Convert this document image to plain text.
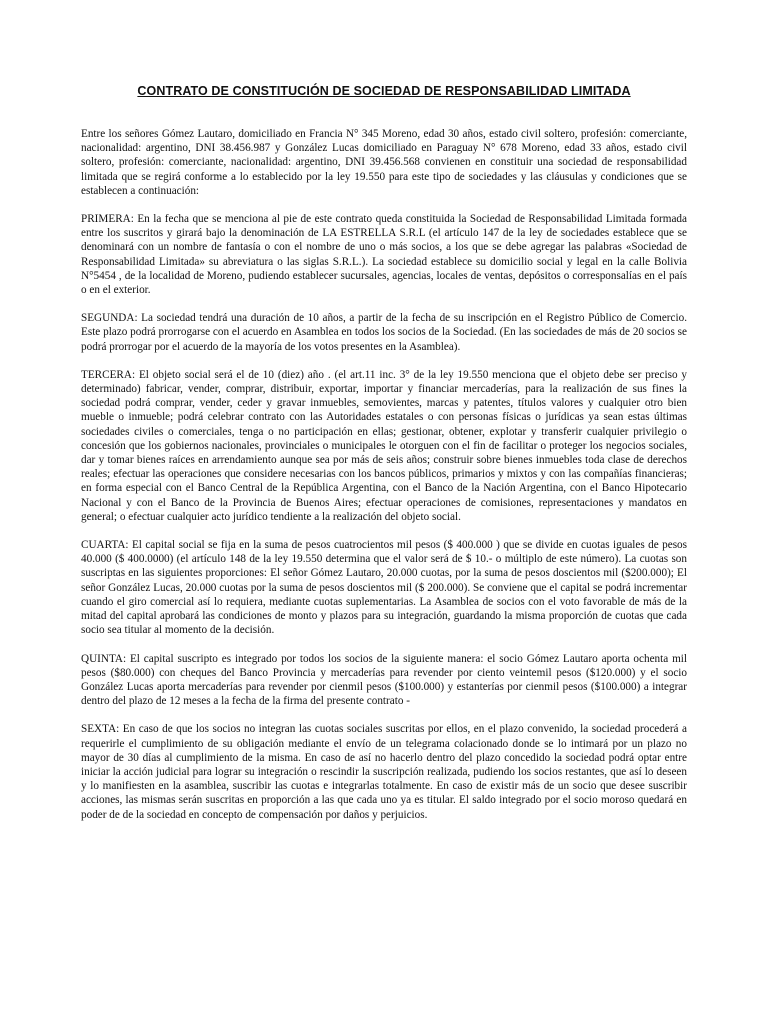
CONTRATO DE CONSTITUCIÓN DE SOCIEDAD DE RESPONSABILIDAD LIMITADA

Entre los señores Gómez Lautaro, domiciliado en Francia N° 345 Moreno, edad 30 años, estado civil soltero, profesión: comerciante, nacionalidad: argentino, DNI 38.456.987 y González Lucas domiciliado en Paraguay N° 678 Moreno, edad 33 años, estado civil soltero, profesión: comerciante, nacionalidad: argentino, DNI 39.456.568 convienen en constituir una sociedad de responsabilidad limitada que se regirá conforme a lo establecido por la ley 19.550 para este tipo de sociedades y las cláusulas y condiciones que se establecen a continuación:

PRIMERA: En la fecha que se menciona al pie de este contrato queda constituida la Sociedad de Responsabilidad Limitada formada entre los suscritos y girará bajo la denominación de LA ESTRELLA S.R.L (el artículo 147 de la ley de sociedades establece que se denominará con un nombre de fantasía o con el nombre de uno o más socios, a los que se debe agregar las palabras «Sociedad de Responsabilidad Limitada» su abreviatura o las siglas S.R.L.). La sociedad establece su domicilio social y legal en la calle Bolivia N°5454 , de la localidad de Moreno, pudiendo establecer sucursales, agencias, locales de ventas, depósitos o corresponsalías en el país o en el exterior.

SEGUNDA: La sociedad tendrá una duración de 10 años, a partir de la fecha de su inscripción en el Registro Público de Comercio. Este plazo podrá prorrogarse con el acuerdo en Asamblea en todos los socios de la Sociedad. (En las sociedades de más de 20 socios se podrá prorrogar por el acuerdo de la mayoría de los votos presentes en la Asamblea).

TERCERA: El objeto social será el de 10 (diez) año . (el art.11 inc. 3° de la ley 19.550 menciona que el objeto debe ser preciso y determinado) fabricar, vender, comprar, distribuir, exportar, importar y financiar mercaderías, para la realización de sus fines la sociedad podrá comprar, vender, ceder y gravar inmuebles, semovientes, marcas y patentes, títulos valores y cualquier otro bien mueble o inmueble; podrá celebrar contrato con las Autoridades estatales o con personas físicas o jurídicas ya sean estas últimas sociedades civiles o comerciales, tenga o no participación en ellas; gestionar, obtener, explotar y transferir cualquier privilegio o concesión que los gobiernos nacionales, provinciales o municipales le otorguen con el fin de facilitar o proteger los negocios sociales, dar y tomar bienes raíces en arrendamiento aunque sea por más de seis años; construir sobre bienes inmuebles toda clase de derechos reales; efectuar las operaciones que considere necesarias con los bancos públicos, primarios y mixtos y con las compañías financieras; en forma especial con el Banco Central de la República Argentina, con el Banco de la Nación Argentina, con el Banco Hipotecario Nacional y con el Banco de la Provincia de Buenos Aires; efectuar operaciones de comisiones, representaciones y mandatos en general; o efectuar cualquier acto jurídico tendiente a la realización del objeto social.

CUARTA: El capital social se fija en la suma de pesos cuatrocientos mil pesos ($ 400.000 ) que se divide en cuotas iguales de pesos 40.000 ($ 400.0000) (el artículo 148 de la ley 19.550 determina que el valor será de $ 10.- o múltiplo de este número). La cuotas son suscriptas en las siguientes proporciones: El señor Gómez Lautaro, 20.000 cuotas, por la suma de pesos doscientos mil ($200.000); El señor González Lucas, 20.000 cuotas por la suma de pesos doscientos mil ($ 200.000). Se conviene que el capital se podrá incrementar cuando el giro comercial así lo requiera, mediante cuotas suplementarias. La Asamblea de socios con el voto favorable de más de la mitad del capital aprobará las condiciones de monto y plazos para su integración, guardando la misma proporción de cuotas que cada socio sea titular al momento de la decisión.

QUINTA: El capital suscripto es integrado por todos los socios de la siguiente manera: el socio Gómez Lautaro aporta ochenta mil pesos ($80.000) con cheques del Banco Provincia y mercaderías para revender por ciento veintemil pesos ($120.000) y el socio González Lucas aporta mercaderías para revender por cienmil pesos ($100.000) y estanterías por cienmil pesos ($100.000) a integrar dentro del plazo de 12 meses a la fecha de la firma del presente contrato -

SEXTA: En caso de que los socios no integran las cuotas sociales suscritas por ellos, en el plazo convenido, la sociedad procederá a requerirle el cumplimiento de su obligación mediante el envío de un telegrama colacionado donde se lo intimará por un plazo no mayor de 30 días al cumplimiento de la misma. En caso de así no hacerlo dentro del plazo concedido la sociedad podrá optar entre iniciar la acción judicial para lograr su integración o rescindir la suscripción realizada, pudiendo los socios restantes, que así lo deseen y lo manifiesten en la asamblea, suscribir las cuotas e integrarlas totalmente. En caso de existir más de un socio que desee suscribir acciones, las mismas serán suscritas en proporción a las que cada uno ya es titular. El saldo integrado por el socio moroso quedará en poder de de la sociedad en concepto de compensación por daños y perjuicios.
